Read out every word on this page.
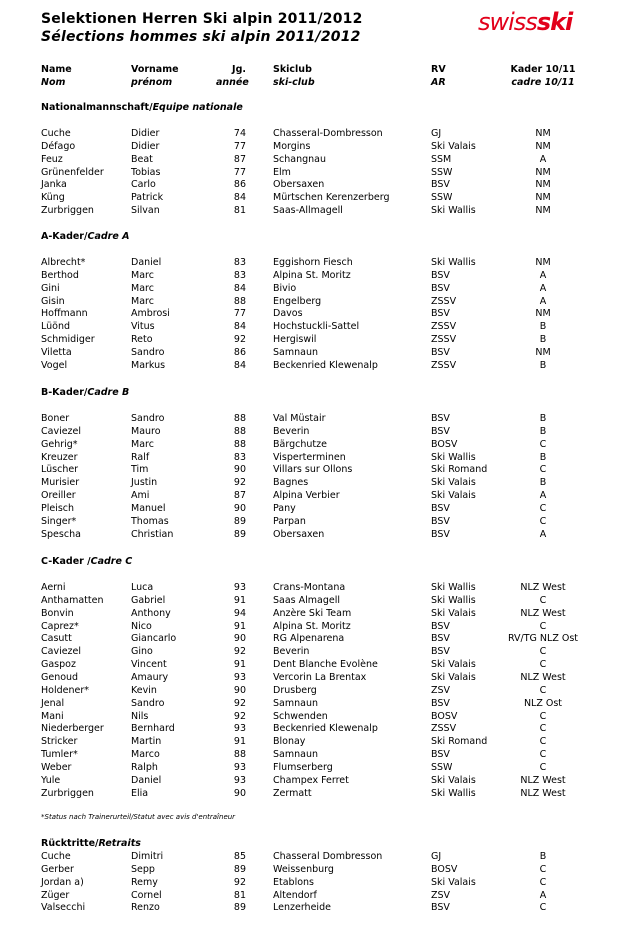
Selektionen Herren Ski alpin 2011/2012
Sélections hommes ski alpin 2011/2012
swissski
Name	Vorname	Jg.	Skiclub	RV	Kader 10/11
Nom	prénom	année	ski-club	AR	cadre 10/11
Nationalmannschaft/Equipe nationale
Cuche	Didier	74	Chasseral-Dombresson	GJ	NM
Défago	Didier	77	Morgins	Ski Valais	NM
Feuz	Beat	87	Schangnau	SSM	A
Grünenfelder	Tobias	77	Elm	SSW	NM
Janka	Carlo	86	Obersaxen	BSV	NM
Küng	Patrick	84	Mürtschen Kerenzerberg	SSW	NM
Zurbriggen	Silvan	81	Saas-Allmagell	Ski Wallis	NM
A-Kader/Cadre A
Albrecht*	Daniel	83	Eggishorn Fiesch	Ski Wallis	NM
Berthod	Marc	83	Alpina St. Moritz	BSV	A
Gini	Marc	84	Bivio	BSV	A
Gisin	Marc	88	Engelberg	ZSSV	A
Hoffmann	Ambrosi	77	Davos	BSV	NM
Lüönd	Vitus	84	Hochstuckli-Sattel	ZSSV	B
Schmidiger	Reto	92	Hergiswil	ZSSV	B
Viletta	Sandro	86	Samnaun	BSV	NM
Vogel	Markus	84	Beckenried Klewenalp	ZSSV	B
B-Kader/Cadre B
Boner	Sandro	88	Val Müstair	BSV	B
Caviezel	Mauro	88	Beverin	BSV	B
Gehrig*	Marc	88	Bärgchutze	BOSV	C
Kreuzer	Ralf	83	Visperterminen	Ski Wallis	B
Lüscher	Tim	90	Villars sur Ollons	Ski Romand	C
Murisier	Justin	92	Bagnes	Ski Valais	B
Oreiller	Ami	87	Alpina Verbier	Ski Valais	A
Pleisch	Manuel	90	Pany	BSV	C
Singer*	Thomas	89	Parpan	BSV	C
Spescha	Christian	89	Obersaxen	BSV	A
C-Kader /Cadre C
Aerni	Luca	93	Crans-Montana	Ski Wallis	NLZ West
Anthamatten	Gabriel	91	Saas Almagell	Ski Wallis	C
Bonvin	Anthony	94	Anzère Ski Team	Ski Valais	NLZ West
Caprez*	Nico	91	Alpina St. Moritz	BSV	C
Casutt	Giancarlo	90	RG Alpenarena	BSV	RV/TG NLZ Ost
Caviezel	Gino	92	Beverin	BSV	C
Gaspoz	Vincent	91	Dent Blanche Evolène	Ski Valais	C
Genoud	Amaury	93	Vercorin La Brentax	Ski Valais	NLZ West
Holdener*	Kevin	90	Drusberg	ZSV	C
Jenal	Sandro	92	Samnaun	BSV	NLZ Ost
Mani	Nils	92	Schwenden	BOSV	C
Niederberger	Bernhard	93	Beckenried Klewenalp	ZSSV	C
Stricker	Martin	91	Blonay	Ski Romand	C
Tumler*	Marco	88	Samnaun	BSV	C
Weber	Ralph	93	Flumserberg	SSW	C
Yule	Daniel	93	Champex Ferret	Ski Valais	NLZ West
Zurbriggen	Elia	90	Zermatt	Ski Wallis	NLZ West
Rücktritte/Retraits
Cuche	Dimitri	85	Chasseral Dombresson	GJ	B
Gerber	Sepp	89	Weissenburg	BOSV	C
Jordan a)	Remy	92	Etablons	Ski Valais	C
Züger	Cornel	81	Altendorf	ZSV	A
Valsecchi	Renzo	89	Lenzerheide	BSV	C
*Status nach Trainerurteil/Statut avec avis d'entraîneur
